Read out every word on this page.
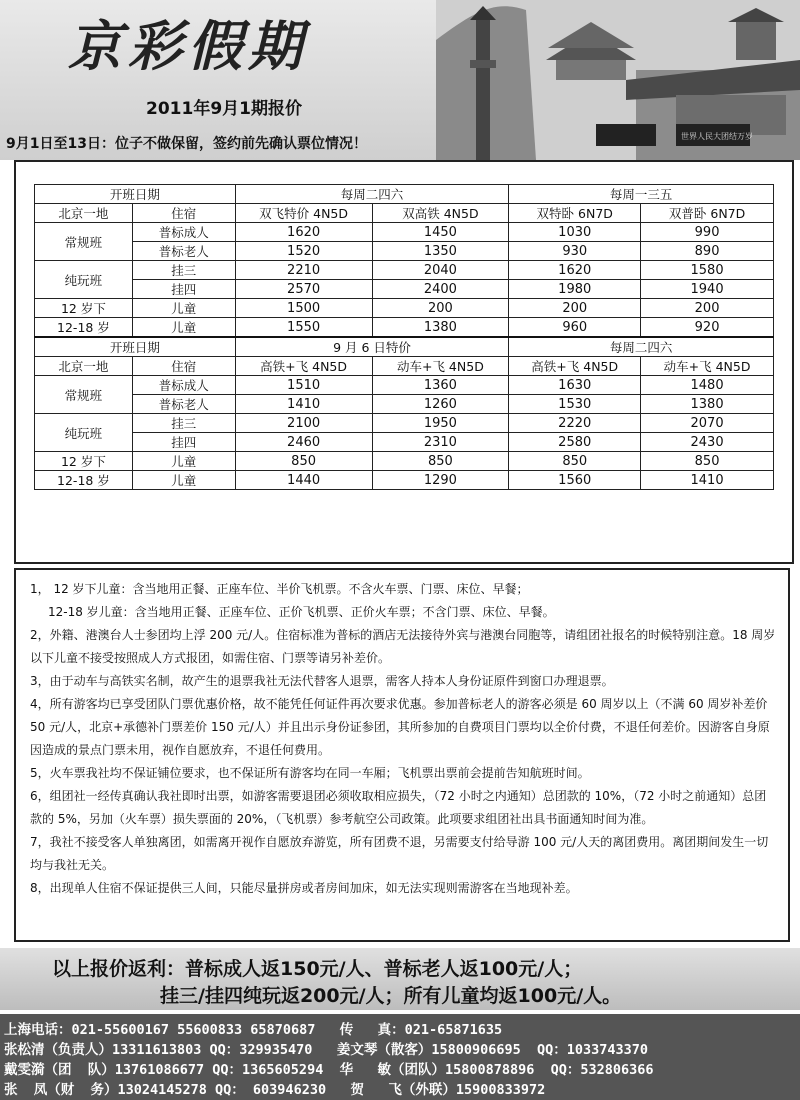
京彩假期
2011年9月1期报价
9月1日至13日：位子不做保留，签约前先确认票位情况！	世界人民大团结万岁
开班日期		每周二四六		每周一三五	
北京一地	住宿	双飞特价 4N5D	双高铁 4N5D	双特卧 6N7D	双普卧 6N7D
常规班	普标成人	1620	1450	1030	990
	普标老人	1520	1350	930	890
纯玩班	挂三	2210	2040	1620	1580
	挂四	2570	2400	1980	1940
12 岁下	儿童	1500	200	200	200
12-18 岁	儿童	1550	1380	960	920
开班日期		9 月 6 日特价		每周二四六	
北京一地	住宿	高铁+飞 4N5D	动车+飞 4N5D	高铁+飞 4N5D	动车+飞 4N5D
常规班	普标成人	1510	1360	1630	1480
	普标老人	1410	1260	1530	1380
纯玩班	挂三	2100	1950	2220	2070
	挂四	2460	2310	2580	2430
12 岁下	儿童	850	850	850	850
12-18 岁	儿童	1440	1290	1560	1410

1， 12 岁下儿童：含当地用正餐、正座车位、半价飞机票。不含火车票、门票、床位、早餐；

12-18 岁儿童：含当地用正餐、正座车位、正价飞机票、正价火车票；不含门票、床位、早餐。

2，外籍、港澳台人士参团均上浮 200 元/人。住宿标准为普标的酒店无法接待外宾与港澳台同胞等，请组团社报名的时候特别注意。18 周岁以下儿童不接受按照成人方式报团，如需住宿、门票等请另补差价。

3，由于动车与高铁实名制，故产生的退票我社无法代替客人退票，需客人持本人身份证原件到窗口办理退票。

4，所有游客均已享受团队门票优惠价格，故不能凭任何证件再次要求优惠。参加普标老人的游客必须是 60 周岁以上（不满 60 周岁补差价 50 元/人，北京+承德补门票差价 150 元/人）并且出示身份证参团，其所参加的自费项目门票均以全价付费，不退任何差价。因游客自身原因造成的景点门票未用，视作自愿放弃，不退任何费用。

5，火车票我社均不保证铺位要求，也不保证所有游客均在同一车厢；飞机票出票前会提前告知航班时间。

6，组团社一经传真确认我社即时出票，如游客需要退团必须收取相应损失，（72 小时之内通知）总团款的 10%，（72 小时之前通知）总团款的 5%，另加（火车票）损失票面的 20%，（飞机票）参考航空公司政策。此项要求组团社出具书面通知时间为准。

7，我社不接受客人单独离团，如需离开视作自愿放弃游览，所有团费不退，另需要支付给导游 100 元/人天的离团费用。离团期间发生一切均与我社无关。

8，出现单人住宿不保证提供三人间，只能尽量拼房或者房间加床，如无法实现则需游客在当地现补差。

以上报价返利：普标成人返150元/人、普标老人返100元/人；
挂三/挂四纯玩返200元/人；所有儿童均返100元/人。
上海电话：021-55600167 55600833 65870687   传   真：021-65871635
张松清（负责人）13311613803 QQ：329935470   姜文琴（散客）15800906695  QQ：1033743370
戴雯漪（团  队）13761086677 QQ：1365605294  华   敏（团队）15800878896  QQ：532806366
张  凤（财  务）13024145278 QQ： 603946230   贺   飞（外联）15900833972
